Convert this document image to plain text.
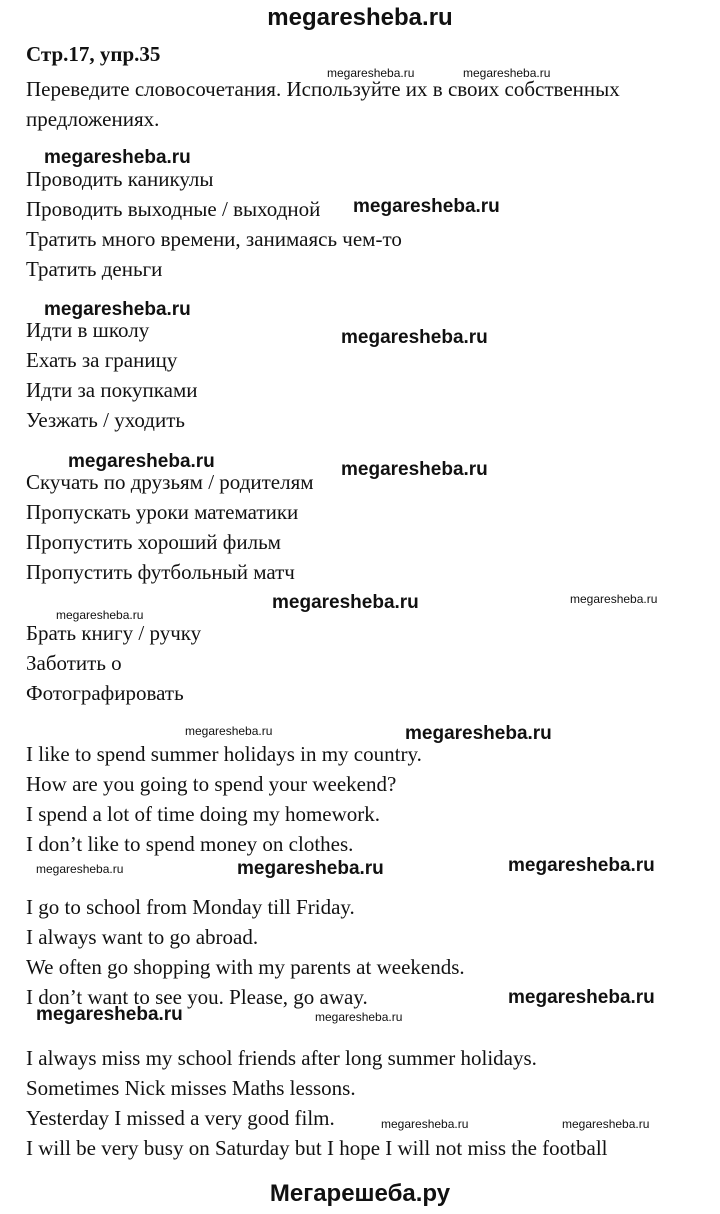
megaresheba.ru
Стр.17, упр.35
Переведите словосочетания. Используйте их в своих собственных предложениях.
Проводить каникулы
Проводить выходные / выходной
Тратить много времени, занимаясь чем-то
Тратить деньги
Идти в школу
Ехать за границу
Идти за покупками
Уезжать / уходить
Скучать по друзьям / родителям
Пропускать уроки математики
Пропустить хороший фильм
Пропустить футбольный матч
Брать книгу / ручку
Заботить о
Фотографировать
I like to spend summer holidays in my country.
How are you going to spend your weekend?
I spend a lot of time doing my homework.
I don’t like to spend money on clothes.
I go to school from Monday till Friday.
I always want to go abroad.
We often go shopping with my parents at weekends.
I don’t want to see you. Please, go away.
I always miss my school friends after long summer holidays.
Sometimes Nick misses Maths lessons.
Yesterday I missed a very good film.
I will be very busy on Saturday but I hope I will not miss the football
megaresheba.ru	megaresheba.ru
megaresheba.ru
megaresheba.ru
megaresheba.ru
megaresheba.ru
megaresheba.ru	megaresheba.ru
megaresheba.ru
megaresheba.ru
megaresheba.ru
megaresheba.ru	megaresheba.ru
megaresheba.ru	megaresheba.ru	megaresheba.ru
megaresheba.ru
megaresheba.ru	megaresheba.ru
megaresheba.ru	megaresheba.ru
Мегарешеба.ру
